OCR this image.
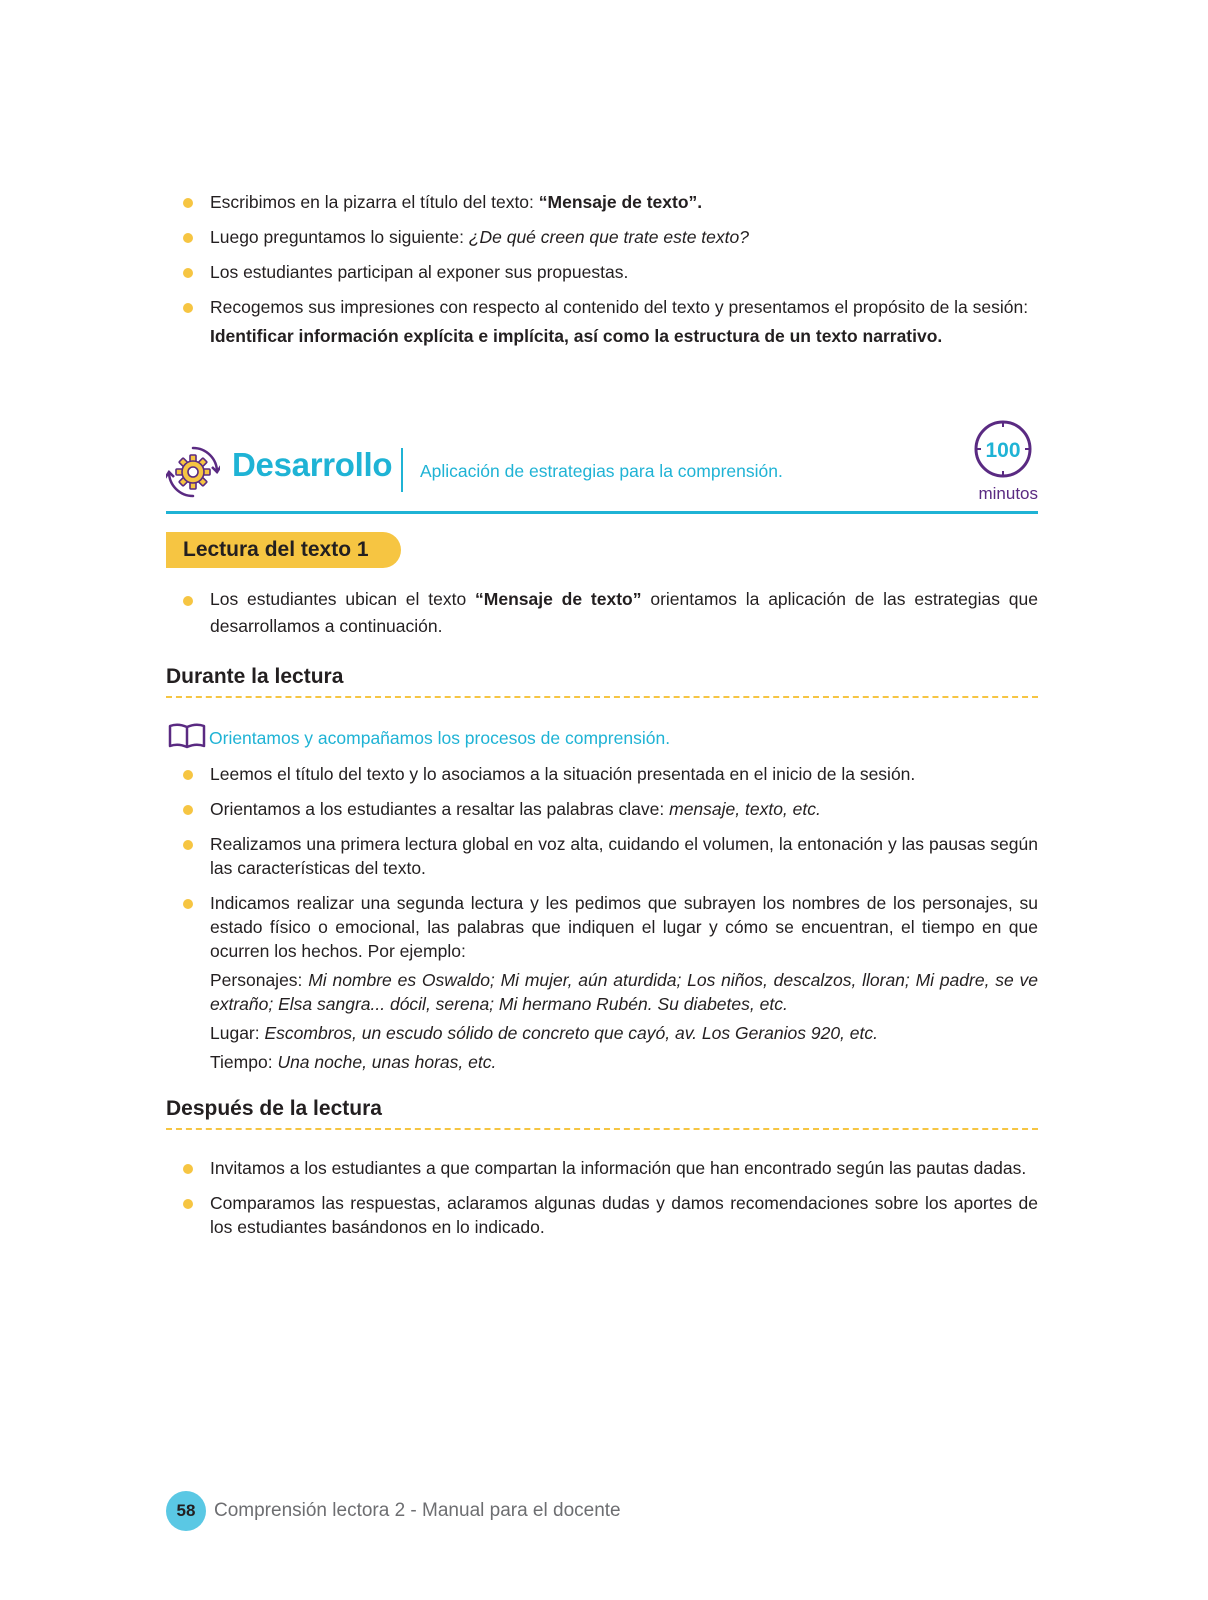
Escribimos en la pizarra el título del texto: “Mensaje de texto”.
Luego preguntamos lo siguiente: ¿De qué creen que trate este texto?
Los estudiantes participan al exponer sus propuestas.
Recogemos sus impresiones con respecto al contenido del texto y presentamos el propósito de la sesión:
Identificar información explícita e implícita, así como la estructura de un texto narrativo.
Desarrollo Aplicación de estrategias para la comprensión.
100
minutos
Lectura del texto 1
Los estudiantes ubican el texto “Mensaje de texto” orientamos la aplicación de las estrategias que desarrollamos a continuación.
Durante la lectura
Orientamos y acompañamos los procesos de comprensión.
Leemos el título del texto y lo asociamos a la situación presentada en el inicio de la sesión.
Orientamos a los estudiantes a resaltar las palabras clave: mensaje, texto, etc.
Realizamos una primera lectura global en voz alta, cuidando el volumen, la entonación y las pausas según las características del texto.
Indicamos realizar una segunda lectura y les pedimos que subrayen los nombres de los personajes, su estado físico o emocional, las palabras que indiquen el lugar y cómo se encuentran, el tiempo en que ocurren los hechos. Por ejemplo:
Personajes: Mi nombre es Oswaldo; Mi mujer, aún aturdida; Los niños, descalzos, lloran; Mi padre, se ve extraño; Elsa sangra... dócil, serena; Mi hermano Rubén. Su diabetes, etc.
Lugar: Escombros, un escudo sólido de concreto que cayó, av. Los Geranios 920, etc.
Tiempo: Una noche, unas horas, etc.
Después de la lectura
Invitamos a los estudiantes a que compartan la información que han encontrado según las pautas dadas.
Comparamos las respuestas, aclaramos algunas dudas y damos recomendaciones sobre los aportes de los estudiantes basándonos en lo indicado.
58 Comprensión lectora 2 - Manual para el docente
